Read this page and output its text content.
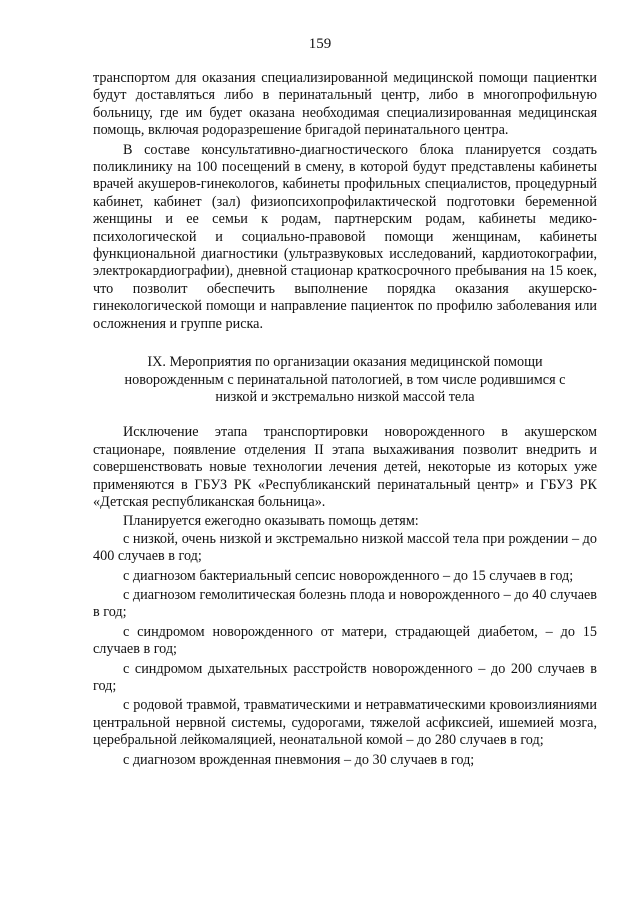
159

транспортом для оказания специализированной медицинской помощи пациентки будут доставляться либо в перинатальный центр, либо в многопрофильную больницу, где им будет оказана необходимая специализированная медицинская помощь, включая родоразрешение бригадой перинатального центра.

В составе консультативно-диагностического блока планируется создать поликлинику на 100 посещений в смену, в которой будут представлены кабинеты врачей акушеров-гинекологов, кабинеты профильных специалистов, процедурный кабинет, кабинет (зал) физиопсихопрофилактической подготовки беременной женщины и ее семьи к родам, партнерским родам, кабинеты медико-психологической и социально-правовой помощи женщинам, кабинеты функциональной диагностики (ультразвуковых исследований, кардиотокографии, электрокардиографии), дневной стационар краткосрочного пребывания на 15 коек, что позволит обеспечить выполнение порядка оказания акушерско-гинекологической помощи и направление пациенток по профилю заболевания или осложнения и группе риска.

IX. Мероприятия по организации оказания медицинской помощи
новорожденным с перинатальной патологией, в том числе родившимся с
низкой и экстремально низкой массой тела

Исключение этапа транспортировки новорожденного в акушерском стационаре, появление отделения II этапа выхаживания позволит внедрить и совершенствовать новые технологии лечения детей, некоторые из которых уже применяются в ГБУЗ РК «Республиканский перинатальный центр» и ГБУЗ РК «Детская республиканская больница».

Планируется ежегодно оказывать помощь детям:

с низкой, очень низкой и экстремально низкой массой тела при рождении – до 400 случаев в год;

с диагнозом бактериальный сепсис новорожденного – до 15 случаев в год;

с диагнозом гемолитическая болезнь плода и новорожденного – до 40 случаев в год;

с синдромом новорожденного от матери, страдающей диабетом, – до 15 случаев в год;

с синдромом дыхательных расстройств новорожденного – до 200 случаев в год;

с родовой травмой, травматическими и нетравматическими кровоизлияниями центральной нервной системы, судорогами, тяжелой асфиксией, ишемией мозга, церебральной лейкомаляцией, неонатальной комой – до 280 случаев в год;

с диагнозом врожденная пневмония – до 30 случаев в год;
